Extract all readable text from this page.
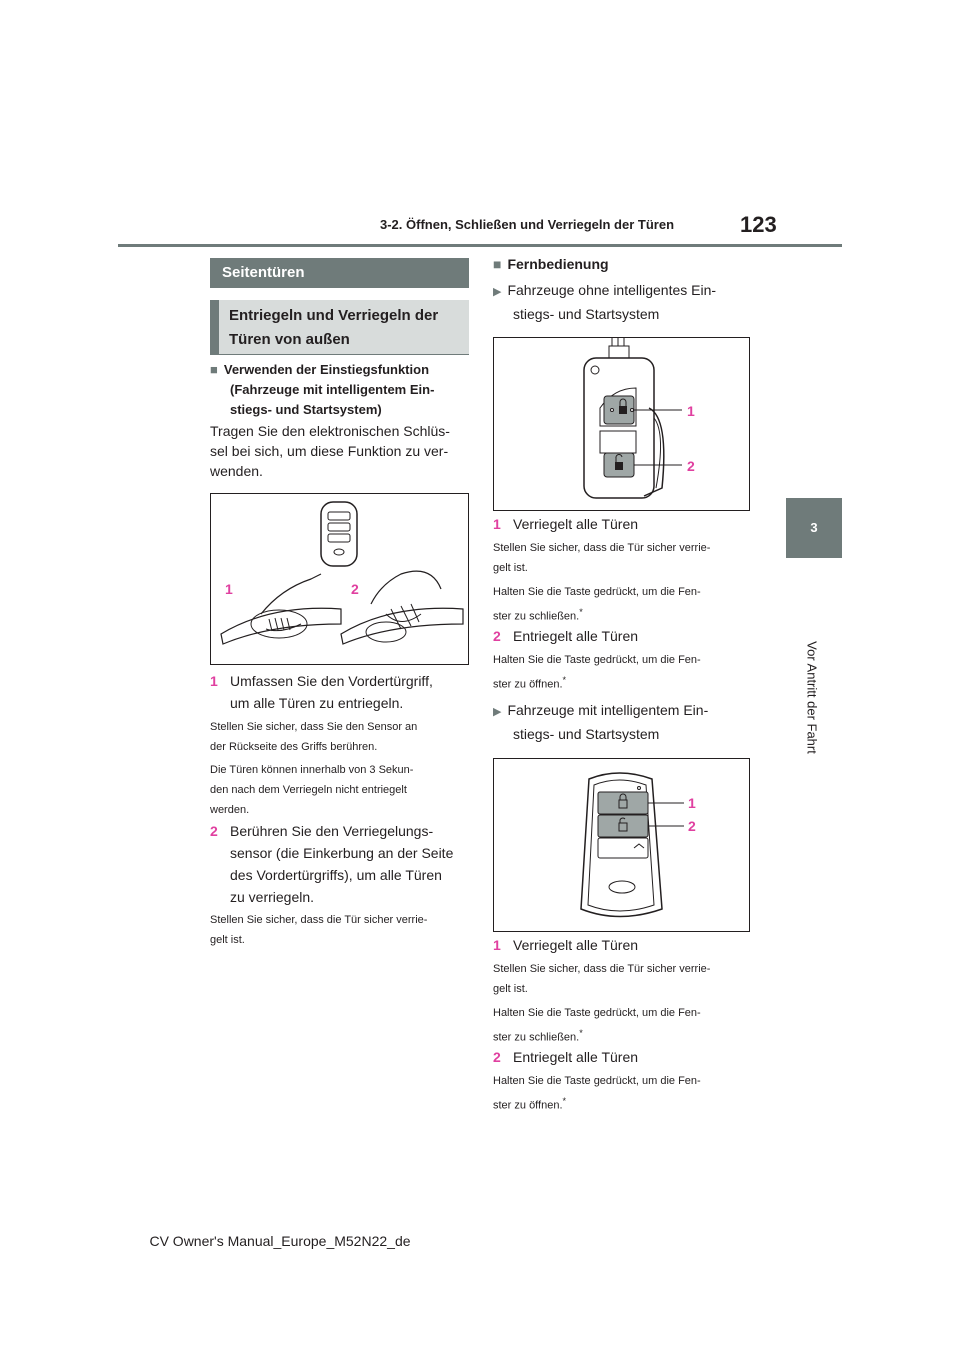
3-2. Öffnen, Schließen und Verriegeln der Türen	123
3
Vor Antritt der Fahrt
Seitentüren
Entriegeln und Verriegeln der
Türen von außen
■ Verwenden der Einstiegsfunktion
(Fahrzeuge mit intelligentem Ein-
stiegs- und Startsystem)
Tragen Sie den elektronischen Schlüs-
sel bei sich, um diese Funktion zu ver-
wenden.
1	2
1 Umfassen Sie den Vordertürgriff,
um alle Türen zu entriegeln.
Stellen Sie sicher, dass Sie den Sensor an
der Rückseite des Griffs berühren.
Die Türen können innerhalb von 3 Sekun-
den nach dem Verriegeln nicht entriegelt
werden.
2 Berühren Sie den Verriegelungs-
sensor (die Einkerbung an der Seite
des Vordertürgriffs), um alle Türen
zu verriegeln.
Stellen Sie sicher, dass die Tür sicher verrie-
gelt ist.
■ Fernbedienung
▶ Fahrzeuge ohne intelligentes Ein-
stiegs- und Startsystem
1
2
1 Verriegelt alle Türen
Stellen Sie sicher, dass die Tür sicher verrie-
gelt ist.
Halten Sie die Taste gedrückt, um die Fen-
ster zu schließen.*
2 Entriegelt alle Türen
Halten Sie die Taste gedrückt, um die Fen-
ster zu öffnen.*
▶ Fahrzeuge mit intelligentem Ein-
stiegs- und Startsystem
1
2
1 Verriegelt alle Türen
Stellen Sie sicher, dass die Tür sicher verrie-
gelt ist.
Halten Sie die Taste gedrückt, um die Fen-
ster zu schließen.*
2 Entriegelt alle Türen
Halten Sie die Taste gedrückt, um die Fen-
ster zu öffnen.*
CV Owner's Manual_Europe_M52N22_de
